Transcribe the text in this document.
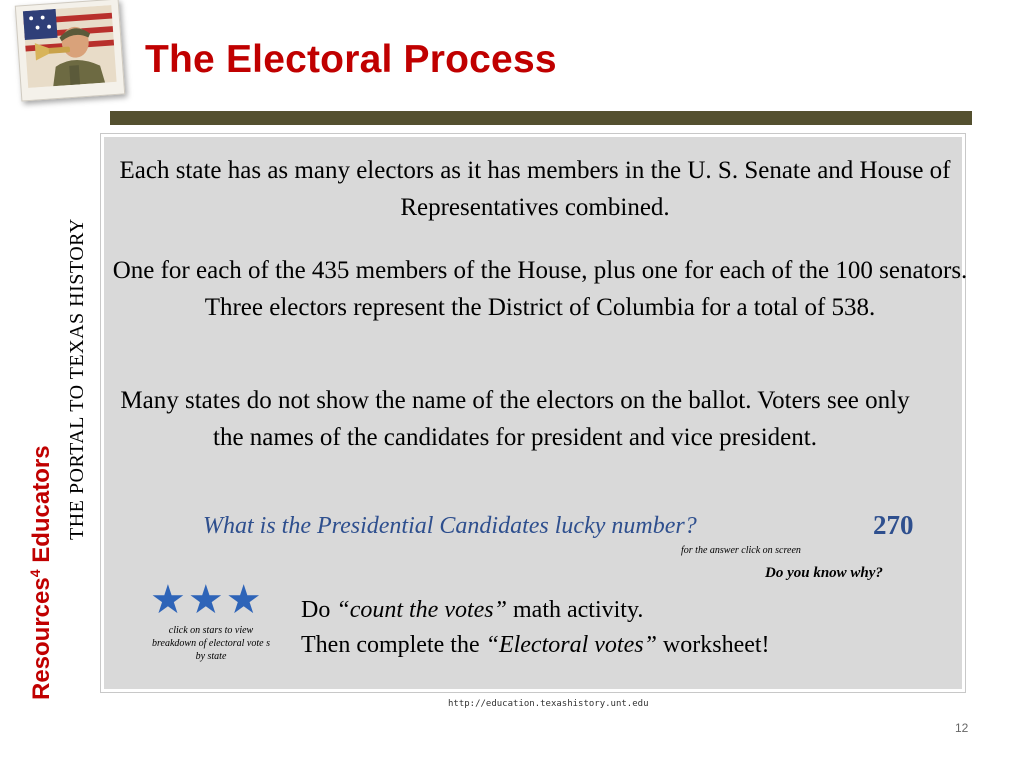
The Electoral Process
THE PORTAL TO TEXAS HISTORY
Resources$^4$ Educators
Each state has as many electors as it has members in the U. S. Senate and House of Representatives combined.
One for each of the 435 members of the House, plus one for each of the 100 senators. Three electors represent the District of Columbia for a total of 538.
Many states do not show the name of the electors on the ballot. Voters see only the names of the candidates for president and vice president.
What is the Presidential Candidates lucky number?	270
for the answer click on screen
Do you know why?
★ ★ ★
click on stars to view breakdown of electoral vote s by state
Do “count the votes” math activity.
Then complete the “Electoral votes” worksheet!
http://education.texashistory.unt.edu
12
